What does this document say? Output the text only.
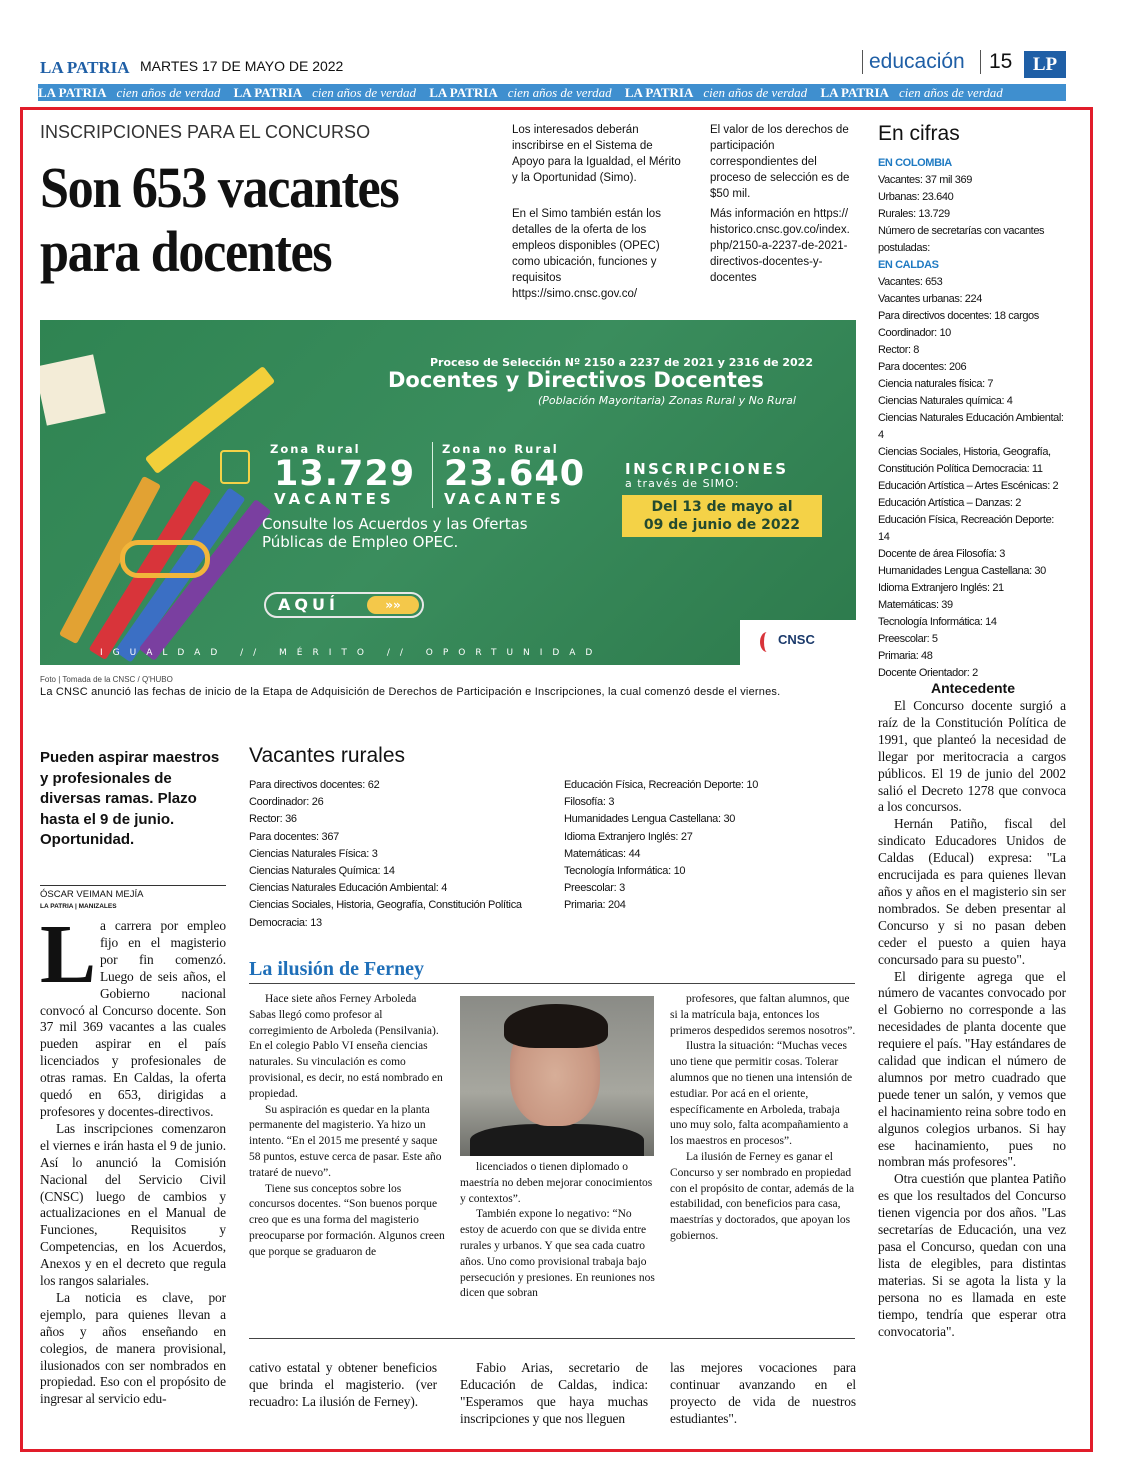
LA PATRIA MARTES 17 DE MAYO DE 2022	educación	15	LP
LA PATRIA cien años de verdad LA PATRIA cien años de verdad LA PATRIA cien años de verdad LA PATRIA cien años de verdad LA PATRIA cien años de verdad
INSCRIPCIONES PARA EL CONCURSO
Son 653 vacantes para docentes
Los interesados deberán inscribirse en el Sistema de Apoyo para la Igualdad, el Mérito y la Oportunidad (Simo).
En el Simo también están los detalles de la oferta de los empleos disponibles (OPEC) como ubicación, funciones y requisitos https://simo.cnsc.gov.co/
El valor de los derechos de participación correspondientes del proceso de selección es de $50 mil.
Más información en https:// historico.cnsc.gov.co/index. php/2150-a-2237-de-2021- directivos-docentes-y- docentes
En cifras
EN COLOMBIA
Vacantes: 37 mil 369
Urbanas: 23.640
Rurales: 13.729
Número de secretarías con vacantes postuladas:
EN CALDAS
Vacantes: 653
Vacantes urbanas: 224
Para directivos docentes: 18 cargos
Coordinador: 10
Rector: 8
Para docentes: 206
Ciencia naturales física: 7
Ciencias Naturales química: 4
Ciencias Naturales Educación Ambiental: 4
Ciencias Sociales, Historia, Geografía, Constitución Política Democracia: 11
Educación Artística – Artes Escénicas: 2
Educación Artística – Danzas: 2
Educación Física, Recreación Deporte: 14
Docente de área Filosofía: 3
Humanidades Lengua Castellana: 30
Idioma Extranjero Inglés: 21
Matemáticas: 39
Tecnología Informática: 14
Preescolar: 5
Primaria: 48
Docente Orientador: 2
Proceso de Selección Nº 2150 a 2237 de 2021 y 2316 de 2022
Docentes y Directivos Docentes
(Población Mayoritaria) Zonas Rural y No Rural
Zona Rural
13.729
VACANTES
Zona no Rural
23.640
VACANTES
INSCRIPCIONES
a través de SIMO:
Del 13 de mayo al
09 de junio de 2022
Consulte los Acuerdos y las Ofertas
Públicas de Empleo OPEC.
AQUÍ	»»
IGUALDAD // MÉRITO // OPORTUNIDAD
CNSC
Foto | Tomada de la CNSC / Q'HUBO
La CNSC anunció las fechas de inicio de la Etapa de Adquisición de Derechos de Participación e Inscripciones, la cual comenzó desde el viernes.	Antecedente

El Concurso docente surgió a raíz de la Constitución Política de 1991, que planteó la necesidad de llegar por meritocracia a cargos públicos. El 19 de junio del 2002 salió el Decreto 1278 que convoca a los concursos.

Hernán Patiño, fiscal del sindicato Educadores Unidos de Caldas (Educal) expresa: "La encrucijada es para quienes llevan años y años en el magisterio sin ser nombrados. Se deben presentar al Concurso y si no pasan deben ceder el puesto a quien haya concursado para su puesto".

El dirigente agrega que el número de vacantes convocado por el Gobierno no corresponde a las necesidades de planta docente que requiere el país. "Hay estándares de calidad que indican el número de alumnos por metro cuadrado que puede tener un salón, y vemos que el hacinamiento reina sobre todo en algunos colegios urbanos. Si hay ese hacinamiento, pues no nombran más profesores".

Otra cuestión que plantea Patiño es que los resultados del Concurso tienen vigencia por dos años. "Las secretarías de Educación, una vez pasa el Concurso, quedan con una lista de elegibles, para distintas materias. Si se agota la lista y la persona no es llamada en este tiempo, tendría que esperar otra convocatoria".

Vacantes rurales
Para directivos docentes: 62
Coordinador: 26
Rector: 36
Para docentes: 367
Ciencias Naturales Física: 3
Ciencias Naturales Química: 14
Ciencias Naturales Educación Ambiental: 4
Ciencias Sociales, Historia, Geografía, Constitución Política Democracia: 13
Educación Física, Recreación Deporte: 10
Filosofía: 3
Humanidades Lengua Castellana: 30
Idioma Extranjero Inglés: 27
Matemáticas: 44
Tecnología Informática: 10
Preescolar: 3
Primaria: 204
Pueden aspirar maestros y profesionales de diversas ramas. Plazo hasta el 9 de junio. Oportunidad.
ÓSCAR VEIMAN MEJÍA
LA PATRIA | MANIZALES

La carrera por empleo fijo en el magisterio por fin comenzó. Luego de seis años, el Gobierno nacional convocó al Concurso docente. Son 37 mil 369 vacantes a las cuales pueden aspirar en el país licenciados y profesionales de otras ramas. En Caldas, la oferta quedó en 653, dirigidas a profesores y docentes-directivos.

Las inscripciones comenzaron el viernes e irán hasta el 9 de junio. Así lo anunció la Comisión Nacional del Servicio Civil (CNSC) luego de cambios y actualizaciones en el Manual de Funciones, Requisitos y Competencias, en los Acuerdos, Anexos y en el decreto que regula los rangos salariales.

La noticia es clave, por ejemplo, para quienes llevan a años y años enseñando en colegios, de manera provisional, ilusionados con ser nombrados en propiedad. Eso con el propósito de ingresar al servicio edu-

La ilusión de Ferney

Hace siete años Ferney Arboleda Sabas llegó como profesor al corregimiento de Arboleda (Pensilvania). En el colegio Pablo VI enseña ciencias naturales. Su vinculación es como provisional, es decir, no está nombrado en propiedad.

Su aspiración es quedar en la planta permanente del magisterio. Ya hizo un intento. “En el 2015 me presenté y saque 58 puntos, estuve cerca de pasar. Este año trataré de nuevo”.

Tiene sus conceptos sobre los concursos docentes. “Son buenos porque creo que es una forma del magisterio preocuparse por formación. Algunos creen que porque se graduaron de

licenciados o tienen diplomado o maestría no deben mejorar conocimientos y contextos”.

También expone lo negativo: “No estoy de acuerdo con que se divida entre rurales y urbanos. Y que sea cada cuatro años. Uno como provisional trabaja bajo persecución y presiones. En reuniones nos dicen que sobran

profesores, que faltan alumnos, que si la matrícula baja, entonces los primeros despedidos seremos nosotros”.

Ilustra la situación: “Muchas veces uno tiene que permitir cosas. Tolerar alumnos que no tienen una intensión de estudiar. Por acá en el oriente, específicamente en Arboleda, trabaja uno muy solo, falta acompañamiento a los maestros en procesos”.

La ilusión de Ferney es ganar el Concurso y ser nombrado en propiedad con el propósito de contar, además de la estabilidad, con beneficios para casa, maestrías y doctorados, que apoyan los gobiernos.

cativo estatal y obtener beneficios que brinda el magisterio. (ver recuadro: La ilusión de Ferney).

Fabio Arias, secretario de Educación de Caldas, indica: "Esperamos que haya muchas inscripciones y que nos lleguen

las mejores vocaciones para continuar avanzando en el proyecto de vida de nuestros estudiantes".
